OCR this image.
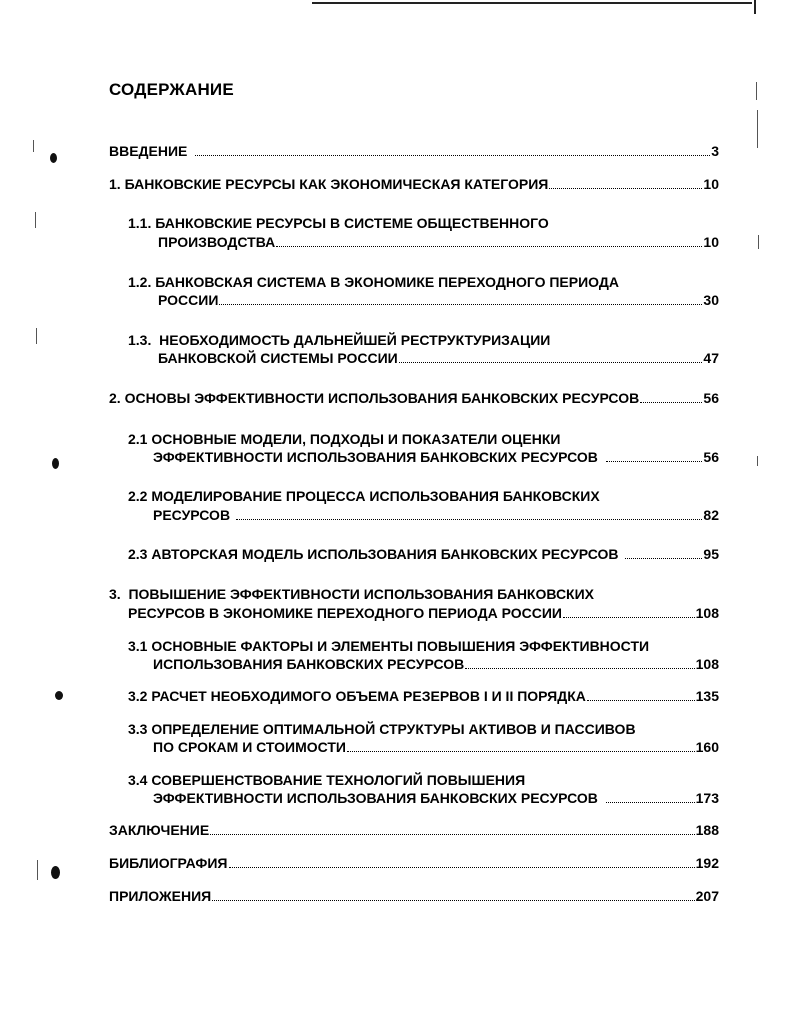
СОДЕРЖАНИЕ
ВВЕДЕНИЕ	3
1. БАНКОВСКИЕ РЕСУРСЫ КАК ЭКОНОМИЧЕСКАЯ КАТЕГОРИЯ	10
1.1. БАНКОВСКИЕ РЕСУРСЫ В СИСТЕМЕ ОБЩЕСТВЕННОГО
ПРОИЗВОДСТВА	10
1.2. БАНКОВСКАЯ СИСТЕМА В ЭКОНОМИКЕ ПЕРЕХОДНОГО ПЕРИОДА
РОССИИ	30
1.3.  НЕОБХОДИМОСТЬ ДАЛЬНЕЙШЕЙ РЕСТРУКТУРИЗАЦИИ
БАНКОВСКОЙ СИСТЕМЫ РОССИИ	47
2. ОСНОВЫ ЭФФЕКТИВНОСТИ ИСПОЛЬЗОВАНИЯ БАНКОВСКИХ РЕСУРСОВ	56
2.1 ОСНОВНЫЕ МОДЕЛИ, ПОДХОДЫ И ПОКАЗАТЕЛИ ОЦЕНКИ
ЭФФЕКТИВНОСТИ ИСПОЛЬЗОВАНИЯ БАНКОВСКИХ РЕСУРСОВ	56
2.2 МОДЕЛИРОВАНИЕ ПРОЦЕССА ИСПОЛЬЗОВАНИЯ БАНКОВСКИХ
РЕСУРСОВ	82
2.3 АВТОРСКАЯ МОДЕЛЬ ИСПОЛЬЗОВАНИЯ БАНКОВСКИХ РЕСУРСОВ	95
3.  ПОВЫШЕНИЕ ЭФФЕКТИВНОСТИ ИСПОЛЬЗОВАНИЯ БАНКОВСКИХ
РЕСУРСОВ В ЭКОНОМИКЕ ПЕРЕХОДНОГО ПЕРИОДА РОССИИ	108
3.1 ОСНОВНЫЕ ФАКТОРЫ И ЭЛЕМЕНТЫ ПОВЫШЕНИЯ ЭФФЕКТИВНОСТИ
ИСПОЛЬЗОВАНИЯ БАНКОВСКИХ РЕСУРСОВ	108
3.2 РАСЧЕТ НЕОБХОДИМОГО ОБЪЕМА РЕЗЕРВОВ I И II ПОРЯДКА	135
3.3 ОПРЕДЕЛЕНИЕ ОПТИМАЛЬНОЙ СТРУКТУРЫ АКТИВОВ И ПАССИВОВ
ПО СРОКАМ И СТОИМОСТИ	160
3.4 СОВЕРШЕНСТВОВАНИЕ ТЕХНОЛОГИЙ ПОВЫШЕНИЯ
ЭФФЕКТИВНОСТИ ИСПОЛЬЗОВАНИЯ БАНКОВСКИХ РЕСУРСОВ	173
ЗАКЛЮЧЕНИЕ	188
БИБЛИОГРАФИЯ	192
ПРИЛОЖЕНИЯ	207
